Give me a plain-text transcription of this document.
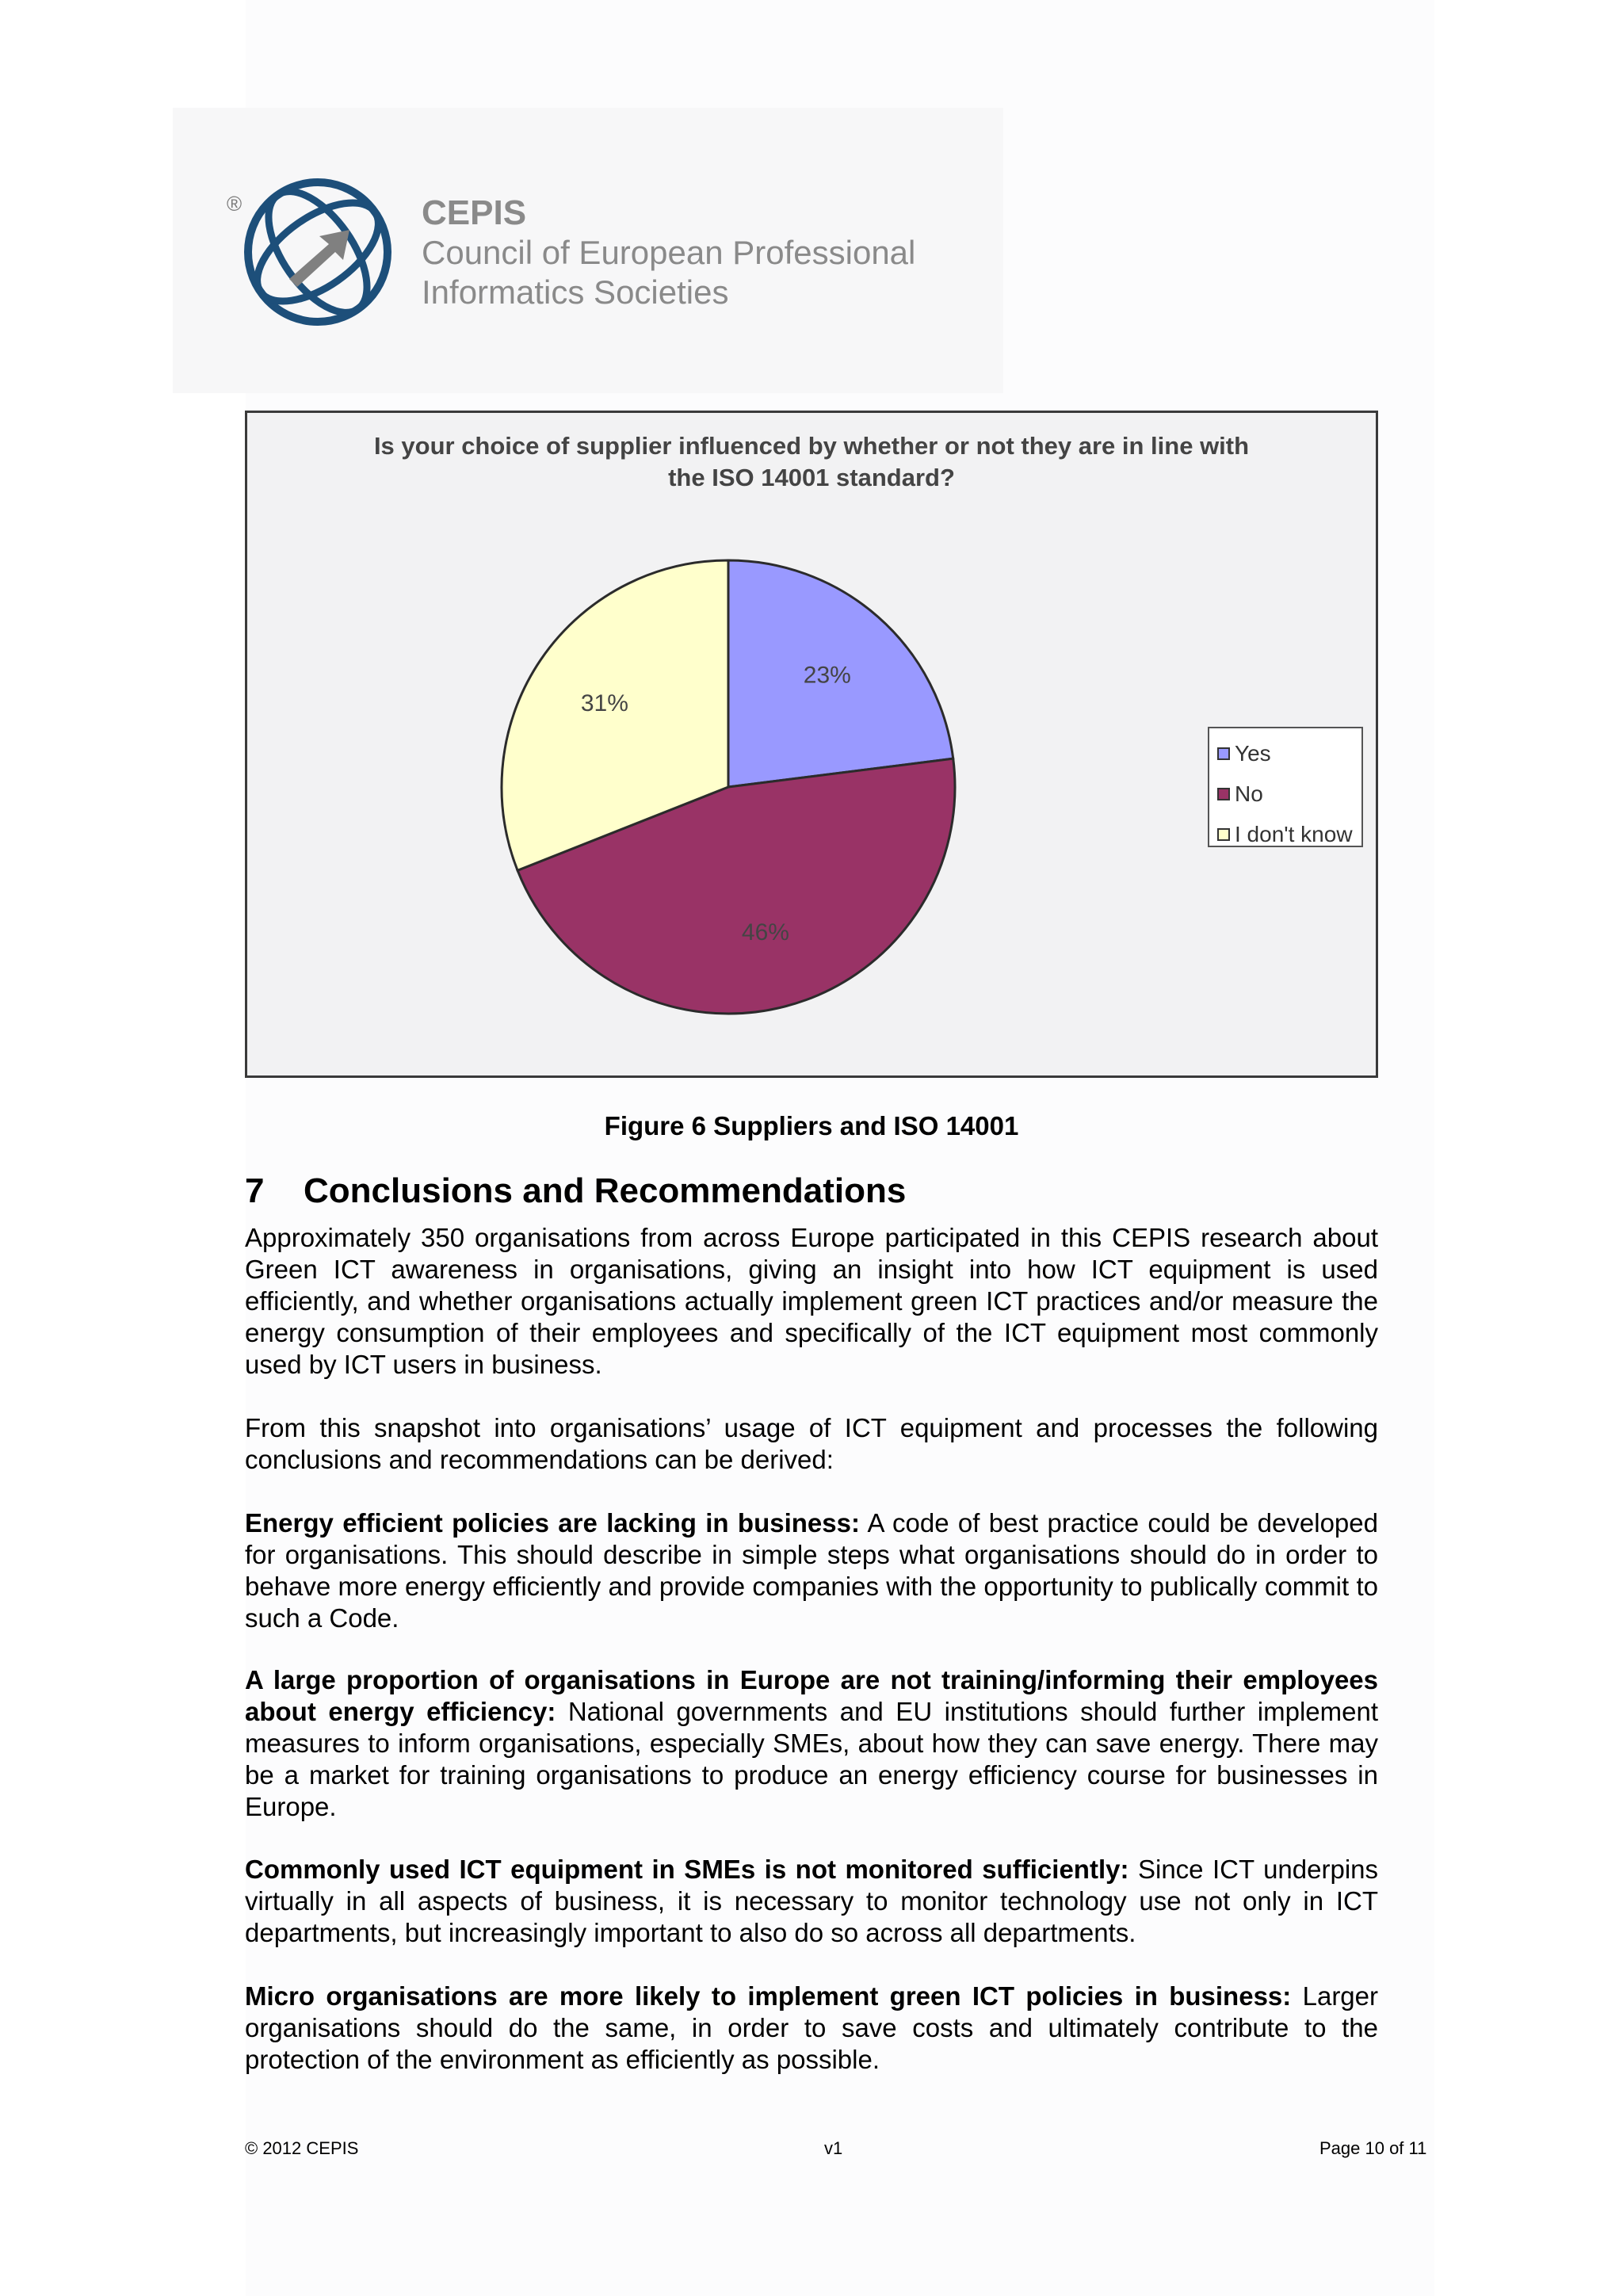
®	CEPIS
Council of European Professional
Informatics Societies
Is your choice of supplier influenced by whether or not they are in line with
the ISO 14001 standard?
23%
46%
31%
Yes
No
I don't know
Figure 6 Suppliers and ISO 14001
7 Conclusions and Recommendations

Approximately 350 organisations from across Europe participated in this CEPIS research about Green ICT awareness in organisations, giving an insight into how ICT equipment is used efficiently, and whether organisations actually implement green ICT practices and/or measure the energy consumption of their employees and specifically of the ICT equipment most commonly used by ICT users in business.

From this snapshot into organisations’ usage of ICT equipment and processes the following conclusions and recommendations can be derived:

Energy efficient policies are lacking in business: A code of best practice could be developed for organisations. This should describe in simple steps what organisations should do in order to behave more energy efficiently and provide companies with the opportunity to publically commit to such a Code.

A large proportion of organisations in Europe are not training/informing their employees about energy efficiency: National governments and EU institutions should further implement measures to inform organisations, especially SMEs, about how they can save energy. There may be a market for training organisations to produce an energy efficiency course for businesses in Europe.

Commonly used ICT equipment in SMEs is not monitored sufficiently: Since ICT underpins virtually in all aspects of business, it is necessary to monitor technology use not only in ICT departments, but increasingly important to also do so across all departments.

Micro organisations are more likely to implement green ICT policies in business: Larger organisations should do the same, in order to save costs and ultimately contribute to the protection of the environment as efficiently as possible.

© 2012 CEPIS	v1	Page 10 of 11
